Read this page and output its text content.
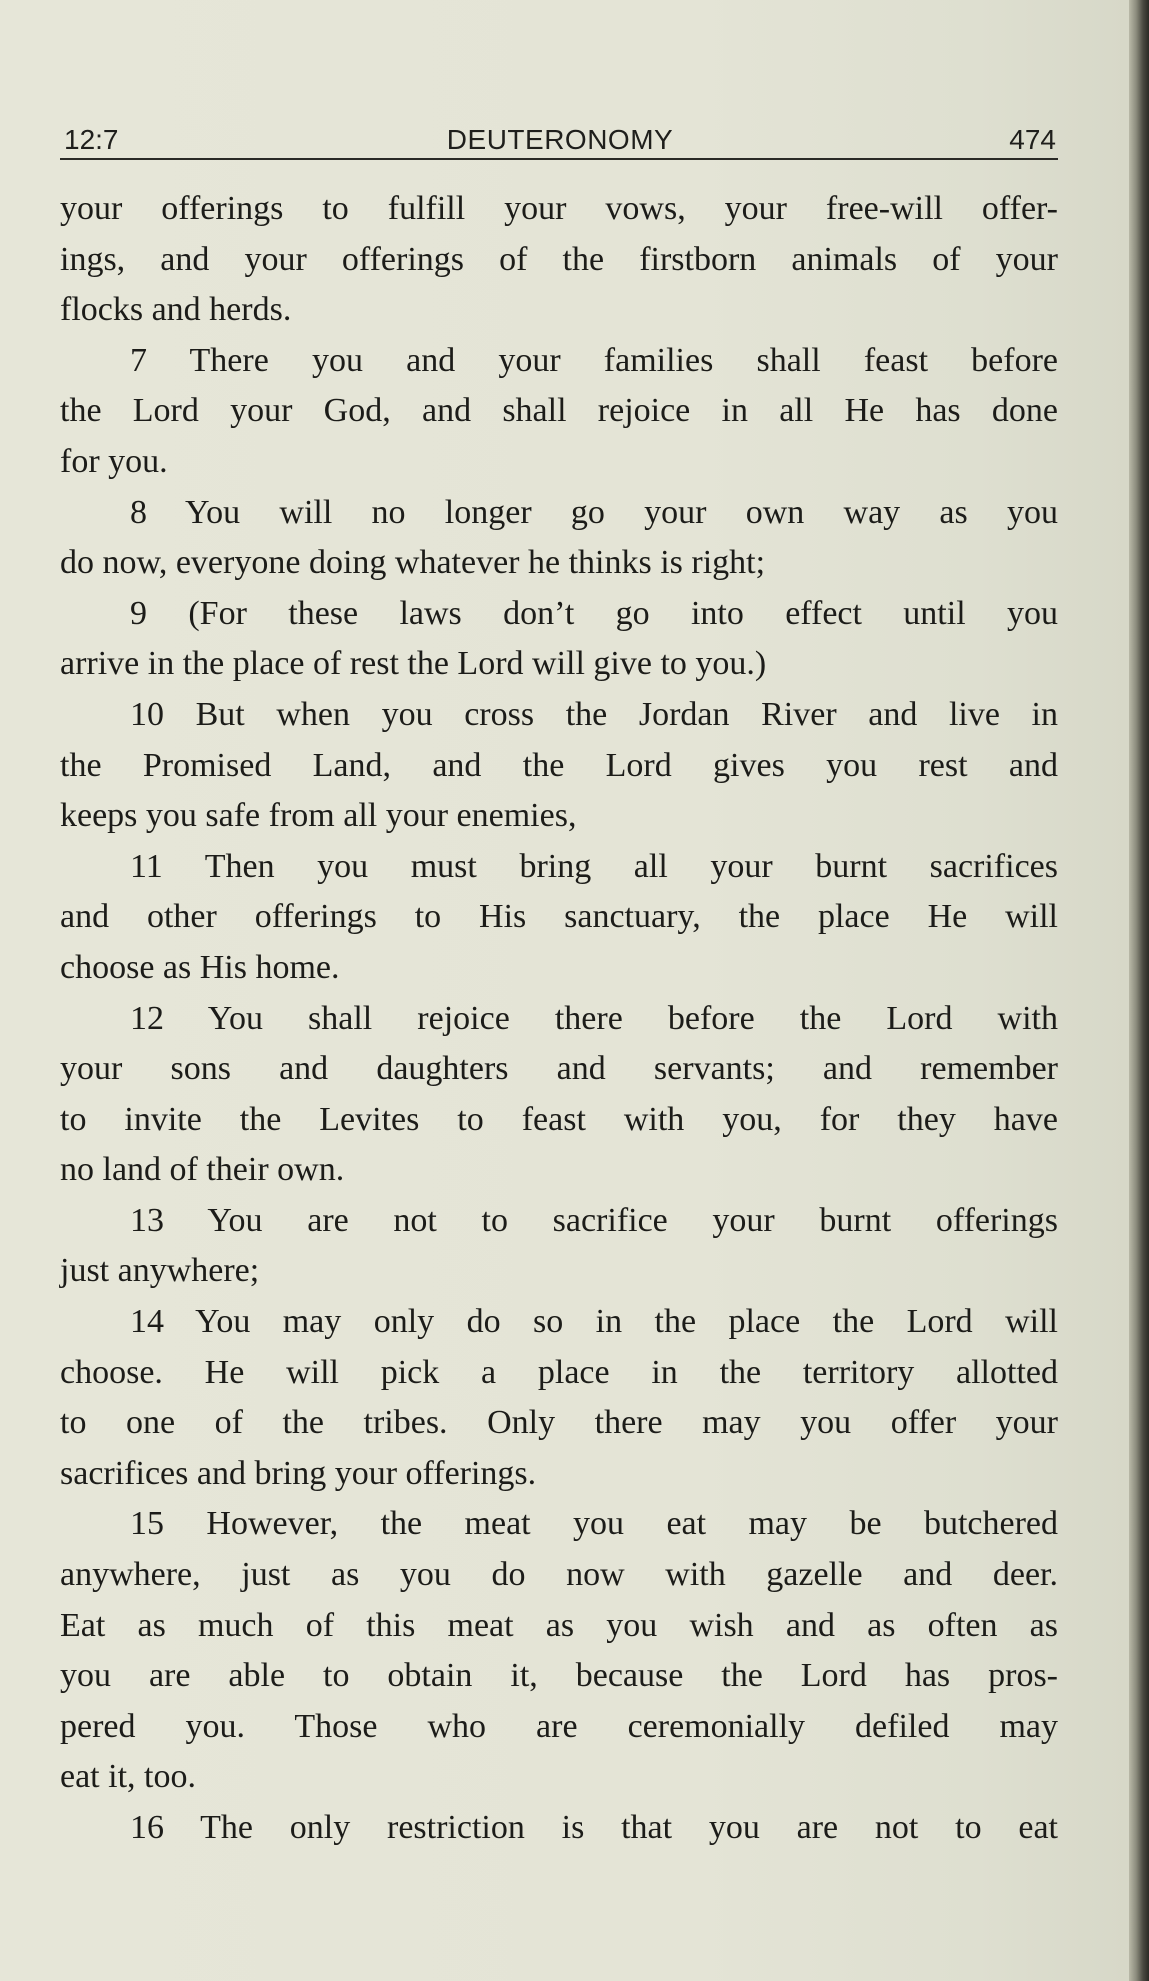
12:7	DEUTERONOMY	474

your offerings to fulfill your vows, your free-will offer-

ings, and your offerings of the firstborn animals of your

flocks and herds.

7 There you and your families shall feast before

the Lord your God, and shall rejoice in all He has done

for you.

8 You will no longer go your own way as you

do now, everyone doing whatever he thinks is right;

9 (For these laws don’t go into effect until you

arrive in the place of rest the Lord will give to you.)

10 But when you cross the Jordan River and live in

the Promised Land, and the Lord gives you rest and

keeps you safe from all your enemies,

11 Then you must bring all your burnt sacrifices

and other offerings to His sanctuary, the place He will

choose as His home.

12 You shall rejoice there before the Lord with

your sons and daughters and servants; and remember

to invite the Levites to feast with you, for they have

no land of their own.

13 You are not to sacrifice your burnt offerings

just anywhere;

14 You may only do so in the place the Lord will

choose. He will pick a place in the territory allotted

to one of the tribes. Only there may you offer your

sacrifices and bring your offerings.

15 However, the meat you eat may be butchered

anywhere, just as you do now with gazelle and deer.

Eat as much of this meat as you wish and as often as

you are able to obtain it, because the Lord has pros-

pered you. Those who are ceremonially defiled may

eat it, too.

16 The only restriction is that you are not to eat
